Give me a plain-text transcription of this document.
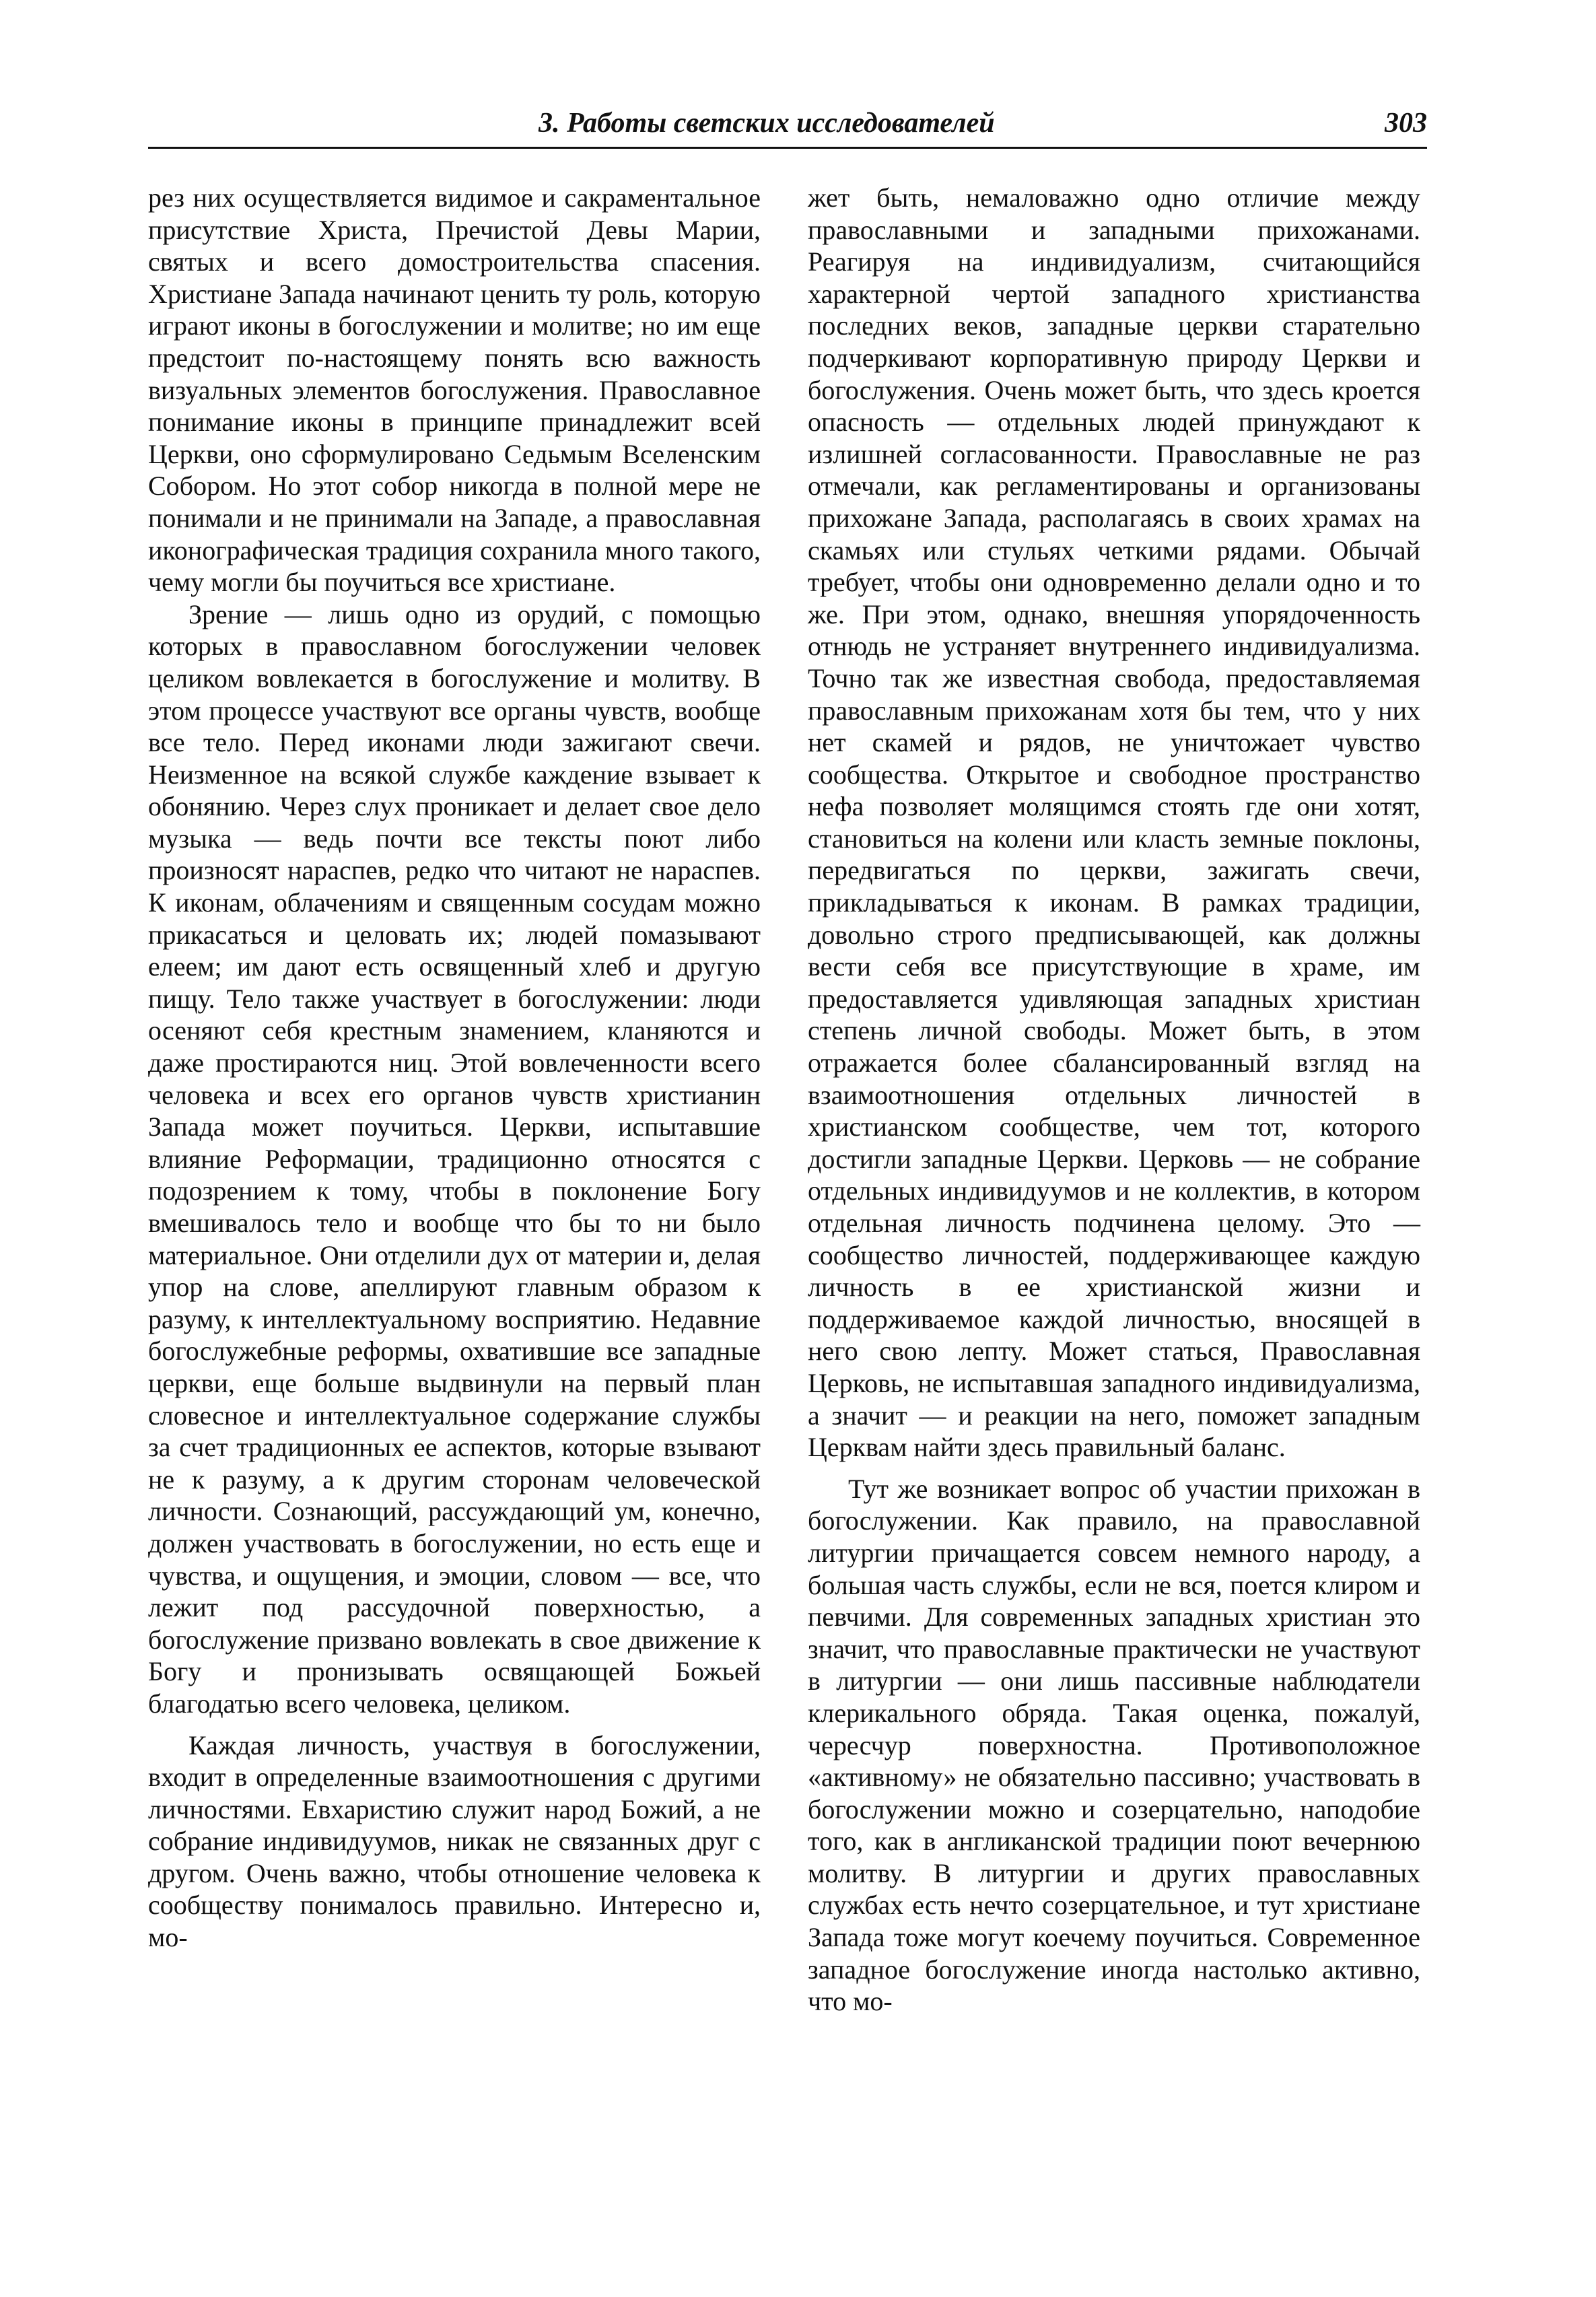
3. Работы светских исследователей	303

рез них осуществляется видимое и сакраментальное присутствие Христа, Пречистой Девы Марии, святых и всего домостроительства спасения. Христиане Запада начинают ценить ту роль, которую играют иконы в богослужении и молитве; но им еще предстоит по-настоящему понять всю важность визуальных элементов богослужения. Православное понимание иконы в принципе принадлежит всей Церкви, оно сформулировано Седьмым Вселенским Собором. Но этот собор никогда в полной мере не понимали и не принимали на Западе, а православная иконографическая традиция сохранила много такого, чему могли бы поучиться все христиане.

Зрение — лишь одно из орудий, с помощью которых в православном богослужении человек целиком вовлекается в богослужение и молитву. В этом процессе участвуют все органы чувств, вообще все тело. Перед иконами люди зажигают свечи. Неизменное на всякой службе каждение взывает к обонянию. Через слух проникает и делает свое дело музыка — ведь почти все тексты поют либо произносят нараспев, редко что читают не нараспев. К иконам, облачениям и священным сосудам можно прикасаться и целовать их; людей помазывают елеем; им дают есть освященный хлеб и другую пищу. Тело также участвует в богослужении: люди осеняют себя крестным знамением, кланяются и даже простираются ниц. Этой вовлеченности всего человека и всех его органов чувств христианин Запада может поучиться. Церкви, испытавшие влияние Реформации, традиционно относятся с подозрением к тому, чтобы в поклонение Богу вмешивалось тело и вообще что бы то ни было материальное. Они отделили дух от материи и, делая упор на слове, апеллируют главным образом к разуму, к интеллектуальному восприятию. Недавние богослужебные реформы, охватившие все западные церкви, еще больше выдвинули на первый план словесное и интеллектуальное содержание службы за счет традиционных ее аспектов, которые взывают не к разуму, а к другим сторонам человеческой личности. Сознающий, рассуждающий ум, конечно, должен участвовать в богослужении, но есть еще и чувства, и ощущения, и эмоции, словом — все, что лежит под рассудочной поверхностью, а богослужение призвано вовлекать в свое движение к Богу и пронизывать освящающей Божьей благодатью всего человека, целиком.

Каждая личность, участвуя в богослужении, входит в определенные взаимоотношения с другими личностями. Евхаристию служит народ Божий, а не собрание индивидуумов, никак не связанных друг с другом. Очень важно, чтобы отношение человека к сообществу понималось правильно. Интересно и, мо-

жет быть, немаловажно одно отличие между православными и западными прихожанами. Реагируя на индивидуализм, считающийся характерной чертой западного христианства последних веков, западные церкви старательно подчеркивают корпоративную природу Церкви и богослужения. Очень может быть, что здесь кроется опасность — отдельных людей принуждают к излишней согласованности. Православные не раз отмечали, как регламентированы и организованы прихожане Запада, располагаясь в своих храмах на скамьях или стульях четкими рядами. Обычай требует, чтобы они одновременно делали одно и то же. При этом, однако, внешняя упорядоченность отнюдь не устраняет внутреннего индивидуализма. Точно так же известная свобода, предоставляемая православным прихожанам хотя бы тем, что у них нет скамей и рядов, не уничтожает чувство сообщества. Открытое и свободное пространство нефа позволяет молящимся стоять где они хотят, становиться на колени или класть земные поклоны, передвигаться по церкви, зажигать свечи, прикладываться к иконам. В рамках традиции, довольно строго предписывающей, как должны вести себя все присутствующие в храме, им предоставляется удивляющая западных христиан степень личной свободы. Может быть, в этом отражается более сбалансированный взгляд на взаимоотношения отдельных личностей в христианском сообществе, чем тот, которого достигли западные Церкви. Церковь — не собрание отдельных индивидуумов и не коллектив, в котором отдельная личность подчинена целому. Это — сообщество личностей, поддерживающее каждую личность в ее христианской жизни и поддерживаемое каждой личностью, вносящей в него свою лепту. Может статься, Православная Церковь, не испытавшая западного индивидуализма, а значит — и реакции на него, поможет западным Церквам найти здесь правильный баланс.

Тут же возникает вопрос об участии прихожан в богослужении. Как правило, на православной литургии причащается совсем немного народу, а большая часть службы, если не вся, поется клиром и певчими. Для современных западных христиан это значит, что православные практически не участвуют в литургии — они лишь пассивные наблюдатели клерикального обряда. Такая оценка, пожалуй, чересчур поверхностна. Противоположное «активному» не обязательно пассивно; участвовать в богослужении можно и созерцательно, наподобие того, как в англиканской традиции поют вечернюю молитву. В литургии и других православных службах есть нечто созерцательное, и тут христиане Запада тоже могут коечему поучиться. Современное западное богослужение иногда настолько активно, что мо-
